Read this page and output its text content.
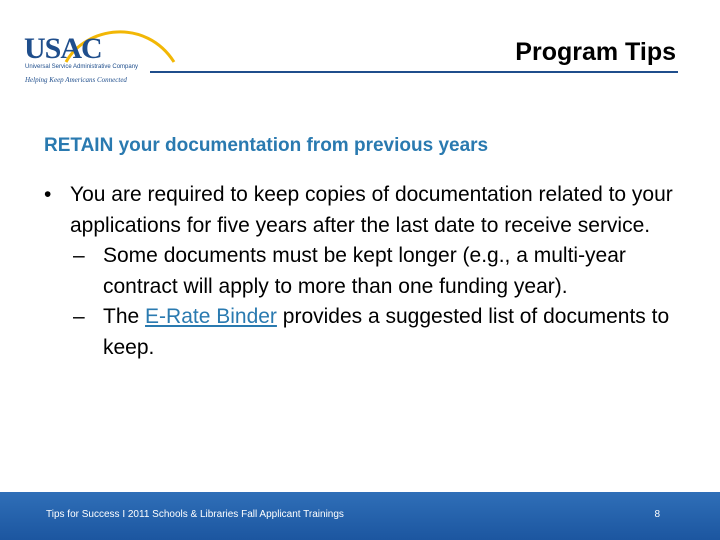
USAC
Universal Service Administrative Company
Helping Keep Americans Connected
Program Tips
RETAIN your documentation from previous years
• You are required to keep copies of documentation related to your applications for five years after the last date to receive service.
– Some documents must be kept longer (e.g., a multi-year contract will apply to more than one funding year).
– The E-Rate Binder provides a suggested list of documents to keep.
Tips for Success I 2011 Schools & Libraries Fall Applicant Trainings	8
